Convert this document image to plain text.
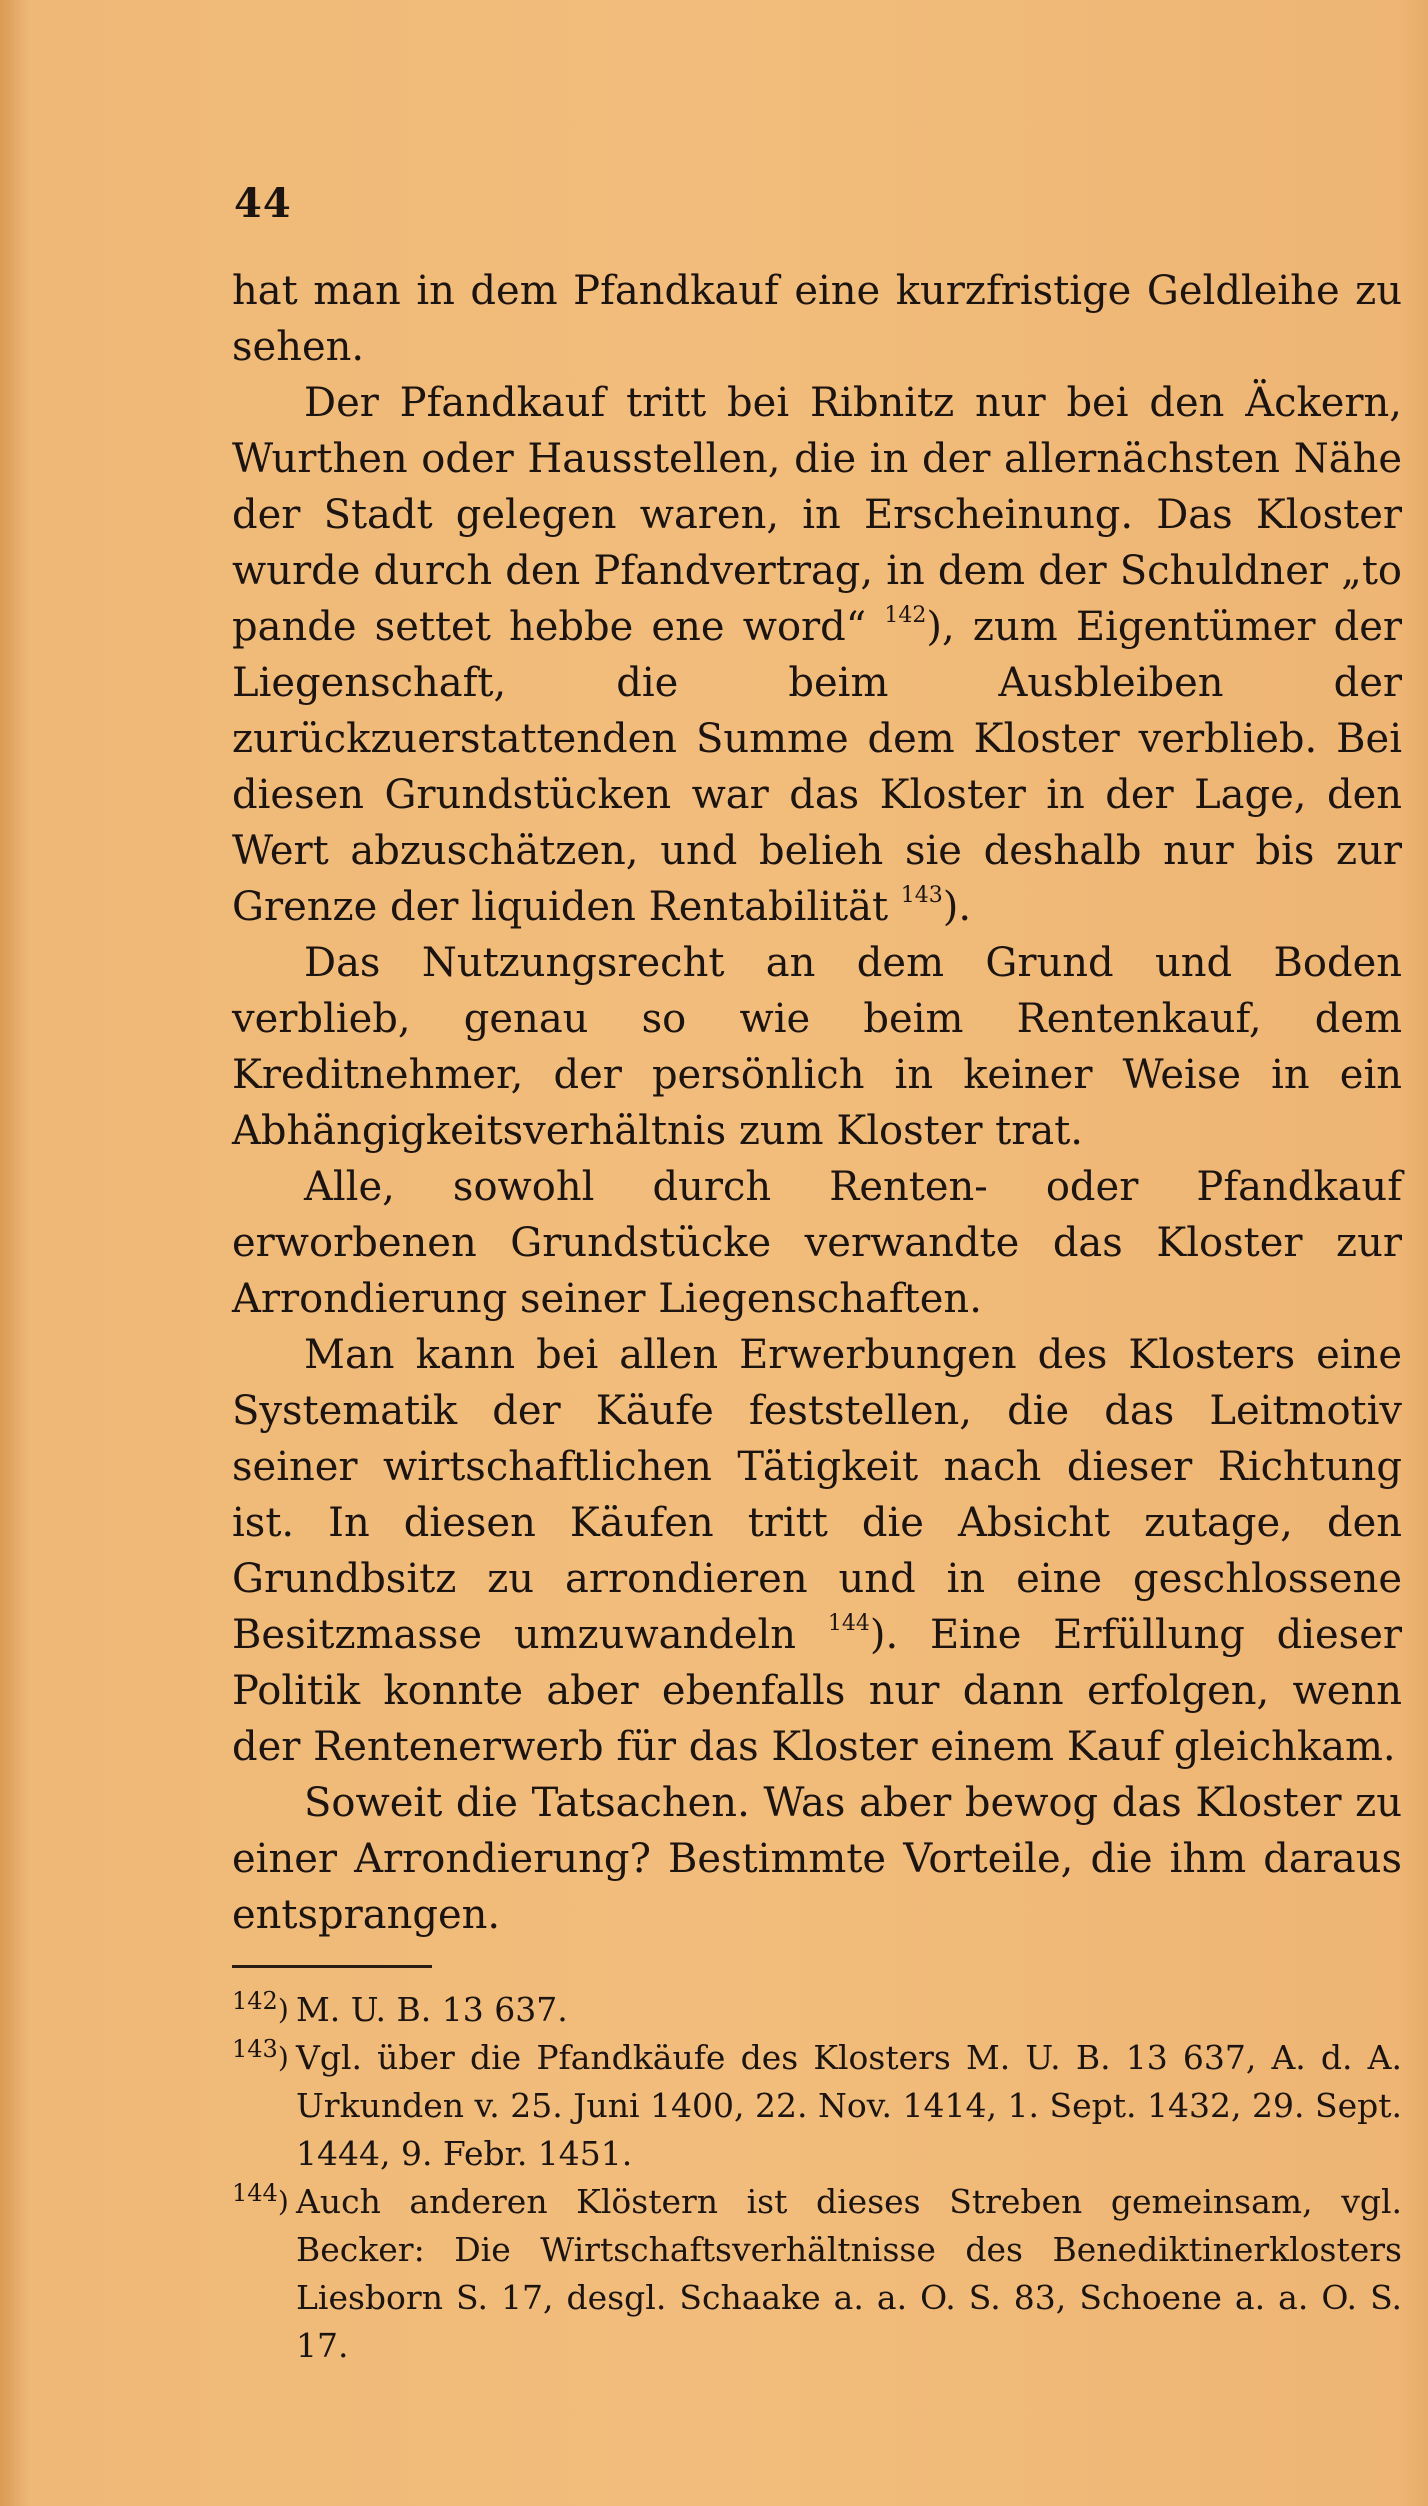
44

hat man in dem Pfandkauf eine kurzfristige Geldleihe zu sehen.

Der Pfandkauf tritt bei Ribnitz nur bei den Äckern, Wurthen oder Hausstellen, die in der allernächsten Nähe der Stadt gelegen waren, in Erscheinung. Das Kloster wurde durch den Pfandvertrag, in dem der Schuldner „to pande settet hebbe ene word“ $^{142}$), zum Eigentümer der Liegenschaft, die beim Ausbleiben der zurückzuerstattenden Summe dem Kloster verblieb. Bei diesen Grundstücken war das Kloster in der Lage, den Wert abzuschätzen, und belieh sie deshalb nur bis zur Grenze der liquiden Rentabilität $^{143}$).

Das Nutzungsrecht an dem Grund und Boden verblieb, genau so wie beim Rentenkauf, dem Kreditnehmer, der persönlich in keiner Weise in ein Abhängigkeitsverhältnis zum Kloster trat.

Alle, sowohl durch Renten- oder Pfandkauf erworbenen Grundstücke verwandte das Kloster zur Arrondierung seiner Liegenschaften.

Man kann bei allen Erwerbungen des Klosters eine Systematik der Käufe feststellen, die das Leitmotiv seiner wirtschaftlichen Tätigkeit nach dieser Richtung ist. In diesen Käufen tritt die Absicht zutage, den Grundbsitz zu arrondieren und in eine geschlossene Besitzmasse umzuwandeln $^{144}$). Eine Erfüllung dieser Politik konnte aber ebenfalls nur dann erfolgen, wenn der Rentenerwerb für das Kloster einem Kauf gleichkam.

Soweit die Tatsachen. Was aber bewog das Kloster zu einer Arrondierung? Bestimmte Vorteile, die ihm daraus entsprangen.

$^{142}$) M. U. B. 13 637.
$^{143}$) Vgl. über die Pfandkäufe des Klosters M. U. B. 13 637, A. d. A. Urkunden v. 25. Juni 1400, 22. Nov. 1414, 1. Sept. 1432, 29. Sept. 1444, 9. Febr. 1451.
$^{144}$) Auch anderen Klöstern ist dieses Streben gemeinsam, vgl. Becker: Die Wirtschaftsverhältnisse des Benediktinerklosters Liesborn S. 17, desgl. Schaake a. a. O. S. 83, Schoene a. a. O. S. 17.
